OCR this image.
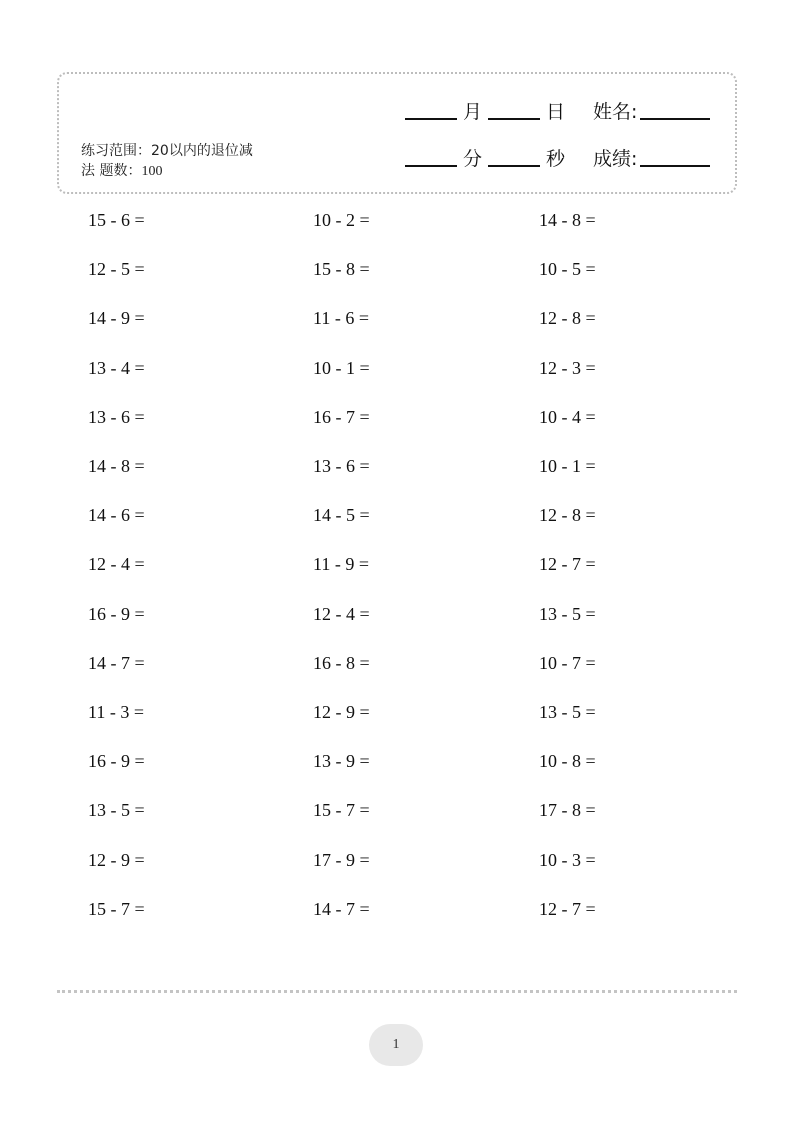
练习范围：20以内的退位减
法 题数：100
月	日 姓名:
分	秒 成绩:
15 - 6 =	10 - 2 =	14 - 8 =
12 - 5 =	15 - 8 =	10 - 5 =
14 - 9 =	11 - 6 =	12 - 8 =
13 - 4 =	10 - 1 =	12 - 3 =
13 - 6 =	16 - 7 =	10 - 4 =
14 - 8 =	13 - 6 =	10 - 1 =
14 - 6 =	14 - 5 =	12 - 8 =
12 - 4 =	11 - 9 =	12 - 7 =
16 - 9 =	12 - 4 =	13 - 5 =
14 - 7 =	16 - 8 =	10 - 7 =
11 - 3 =	12 - 9 =	13 - 5 =
16 - 9 =	13 - 9 =	10 - 8 =
13 - 5 =	15 - 7 =	17 - 8 =
12 - 9 =	17 - 9 =	10 - 3 =
15 - 7 =	14 - 7 =	12 - 7 =
1
